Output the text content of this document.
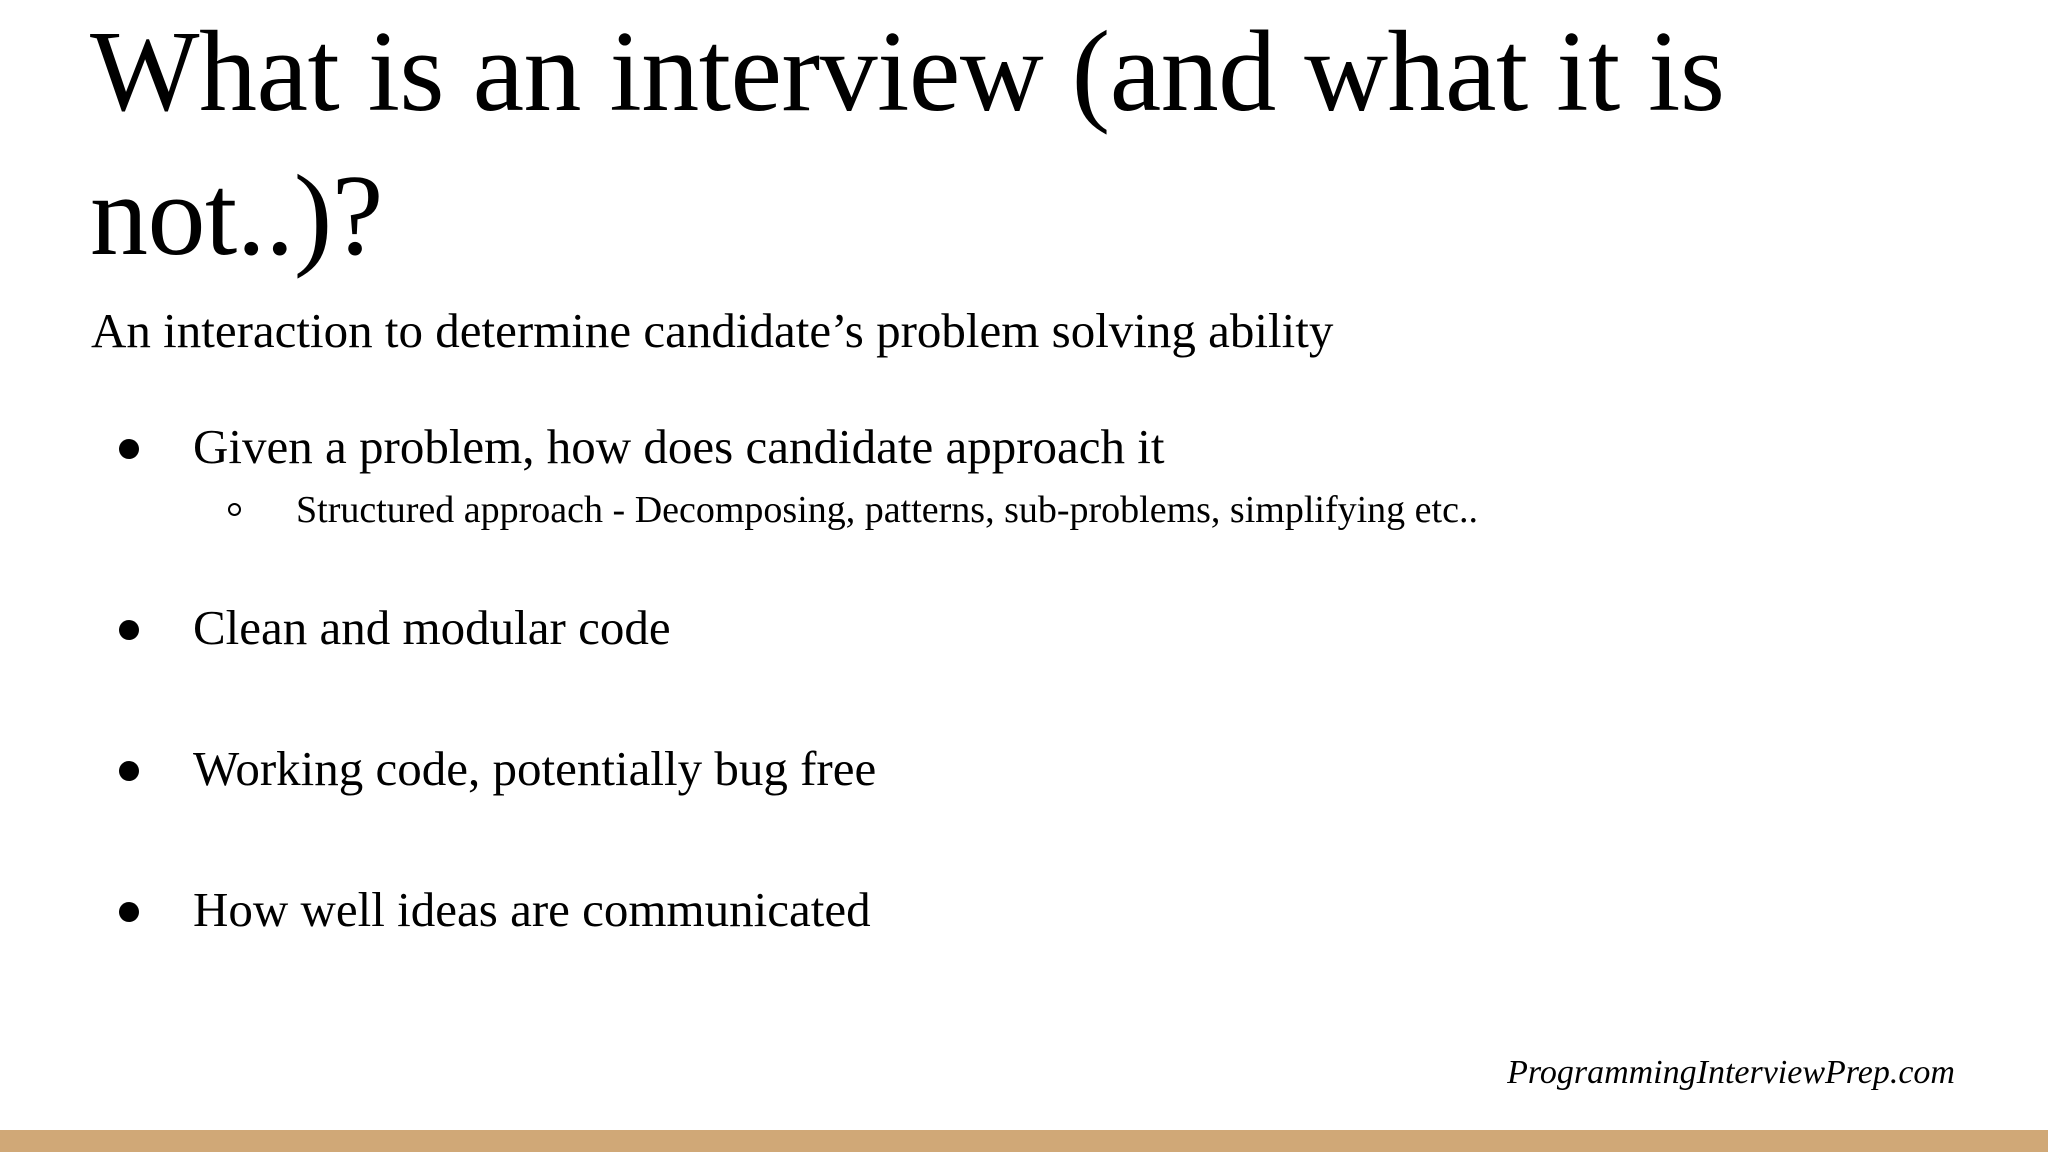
What is an interview (and what it is not..)?

An interaction to determine candidate’s problem solving ability

Given a problem, how does candidate approach it
Structured approach - Decomposing, patterns, sub-problems, simplifying etc..
Clean and modular code
Working code, potentially bug free
How well ideas are communicated
ProgrammingInterviewPrep.com
